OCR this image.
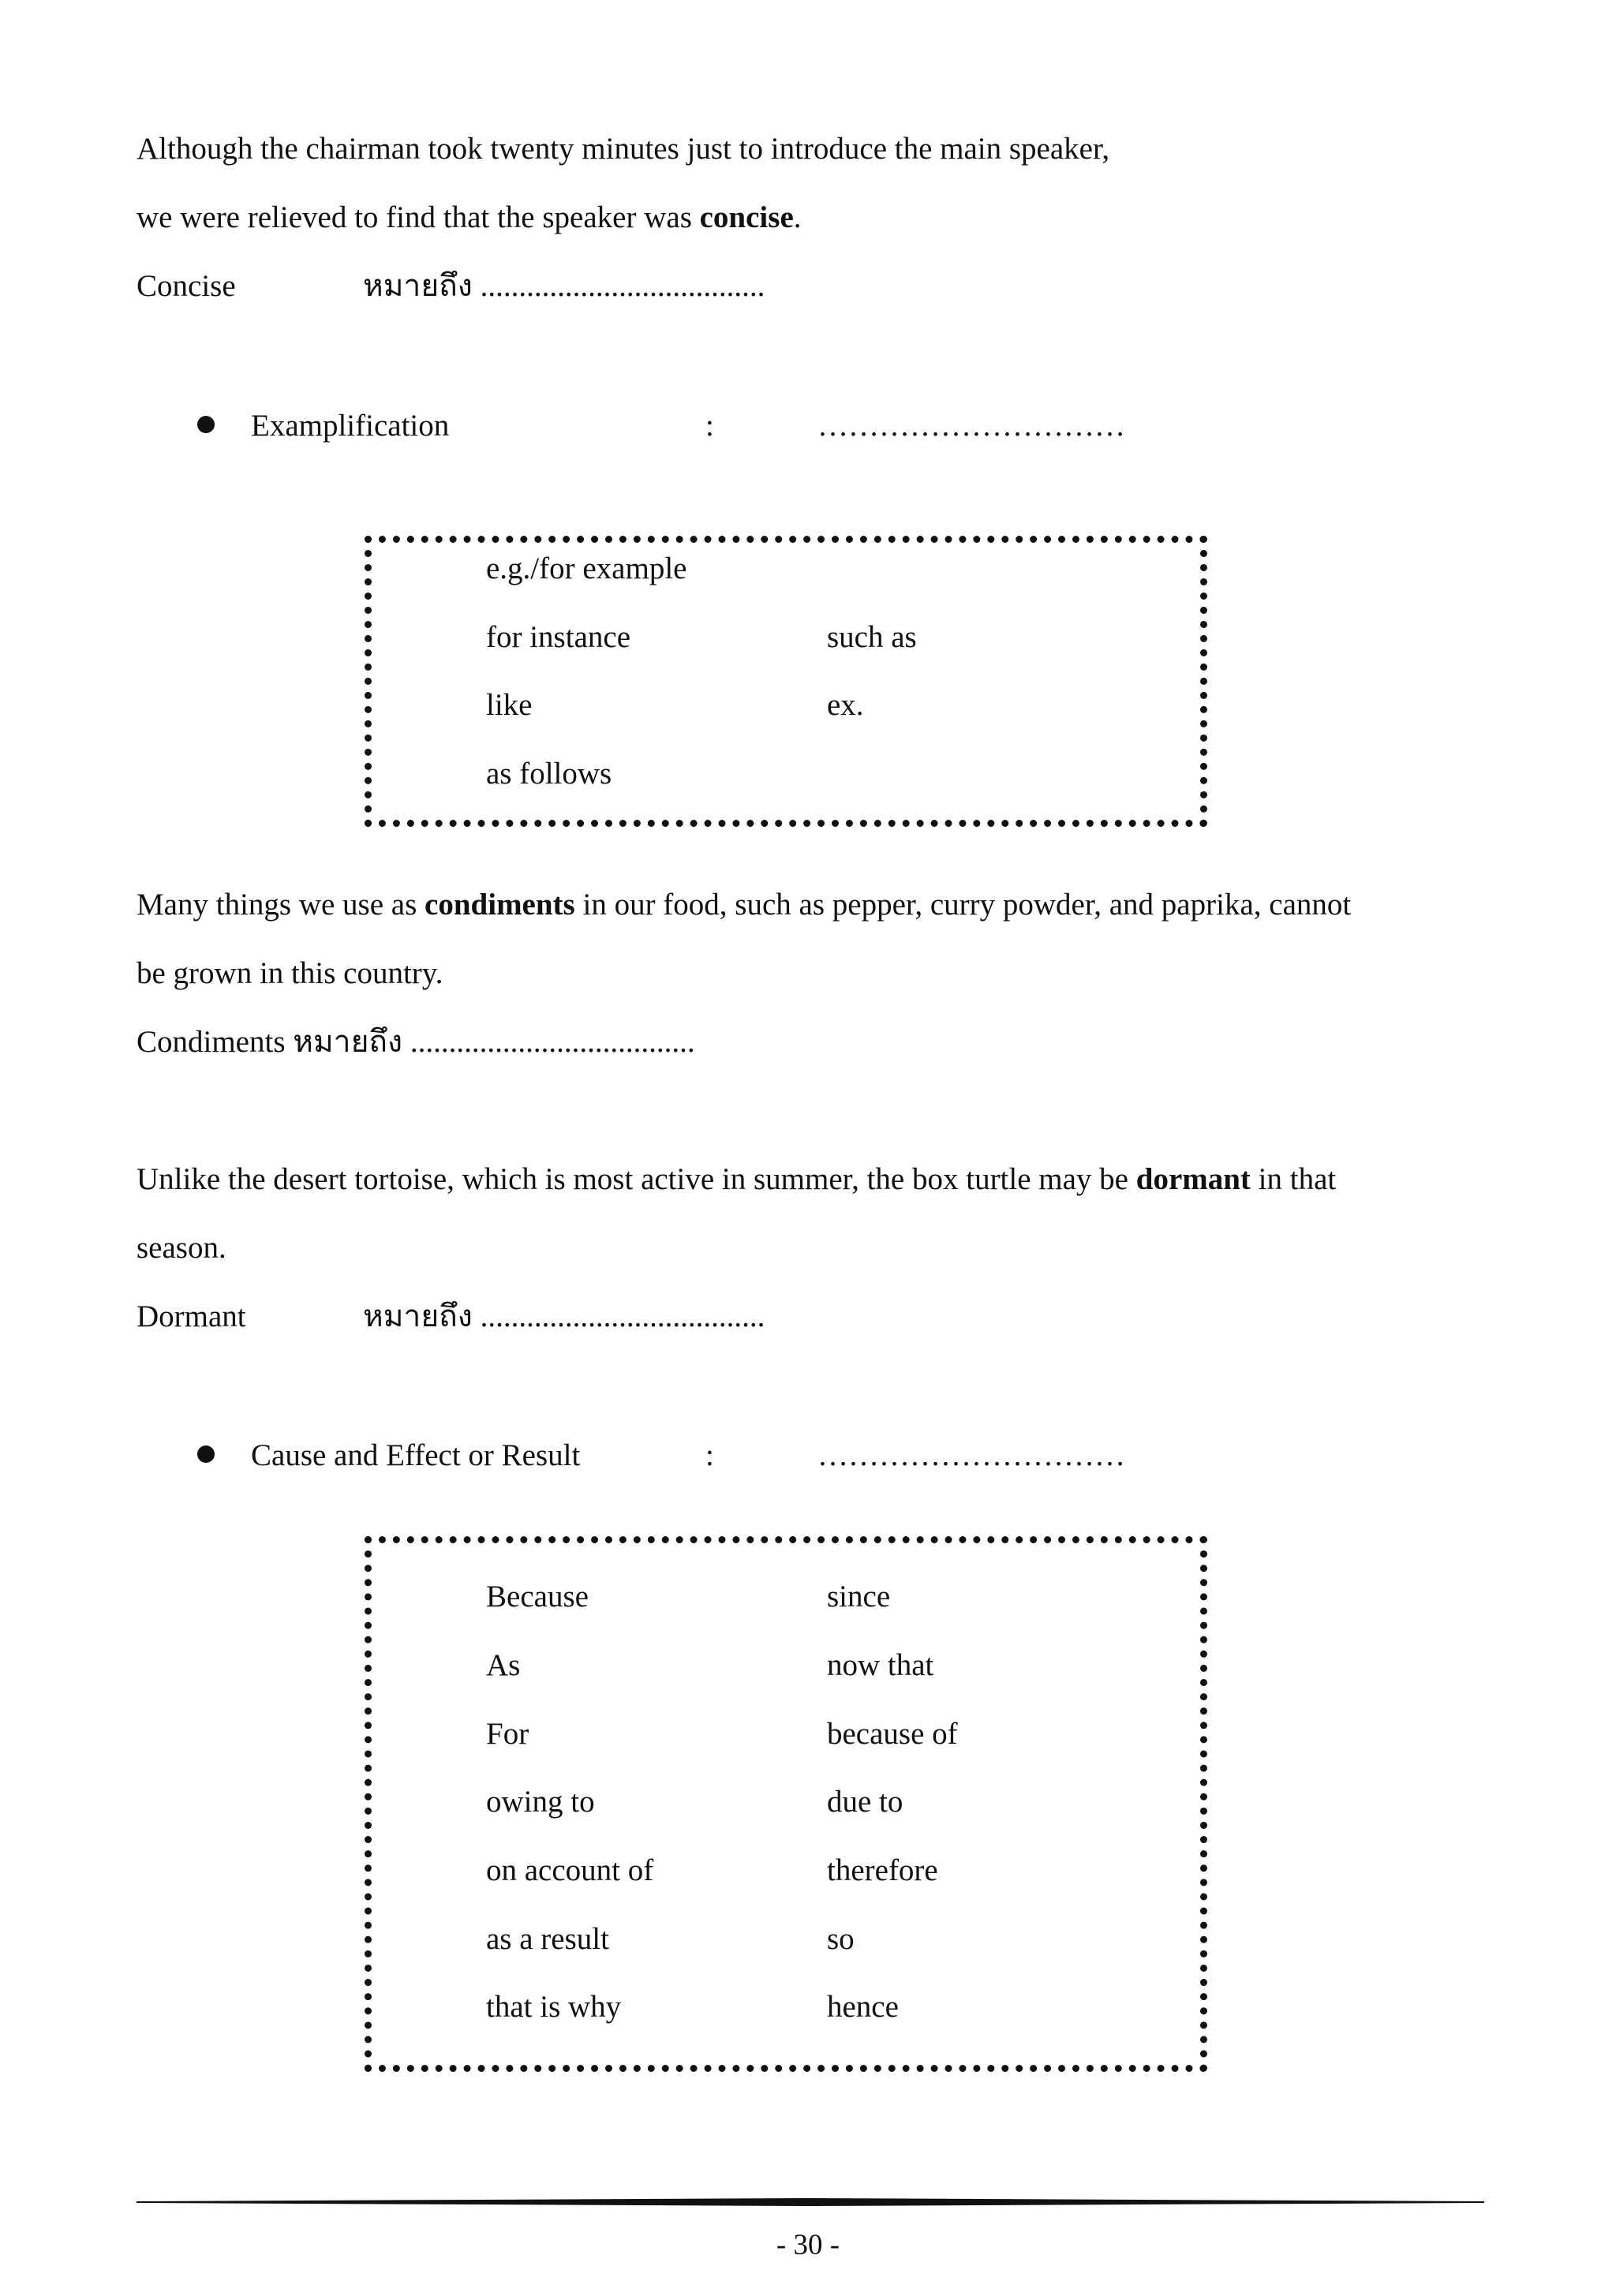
Although the chairman took twenty minutes just to introduce the main speaker,
we were relieved to find that the speaker was concise.
Concise	หมายถึง .....................................
Examplification	:	…………………………
e.g./for example
for instance	such as
like	ex.
as follows
Many things we use as condiments in our food, such as pepper, curry powder, and paprika, cannot
be grown in this country.
Condiments หมายถึง .....................................
Unlike the desert tortoise, which is most active in summer, the box turtle may be dormant in that
season.
Dormant	หมายถึง .....................................
Cause and Effect or Result	:	…………………………
Because	since
As	now that
For	because of
owing to	due to
on account of	therefore
as a result	so
that is why	hence
- 30 -
